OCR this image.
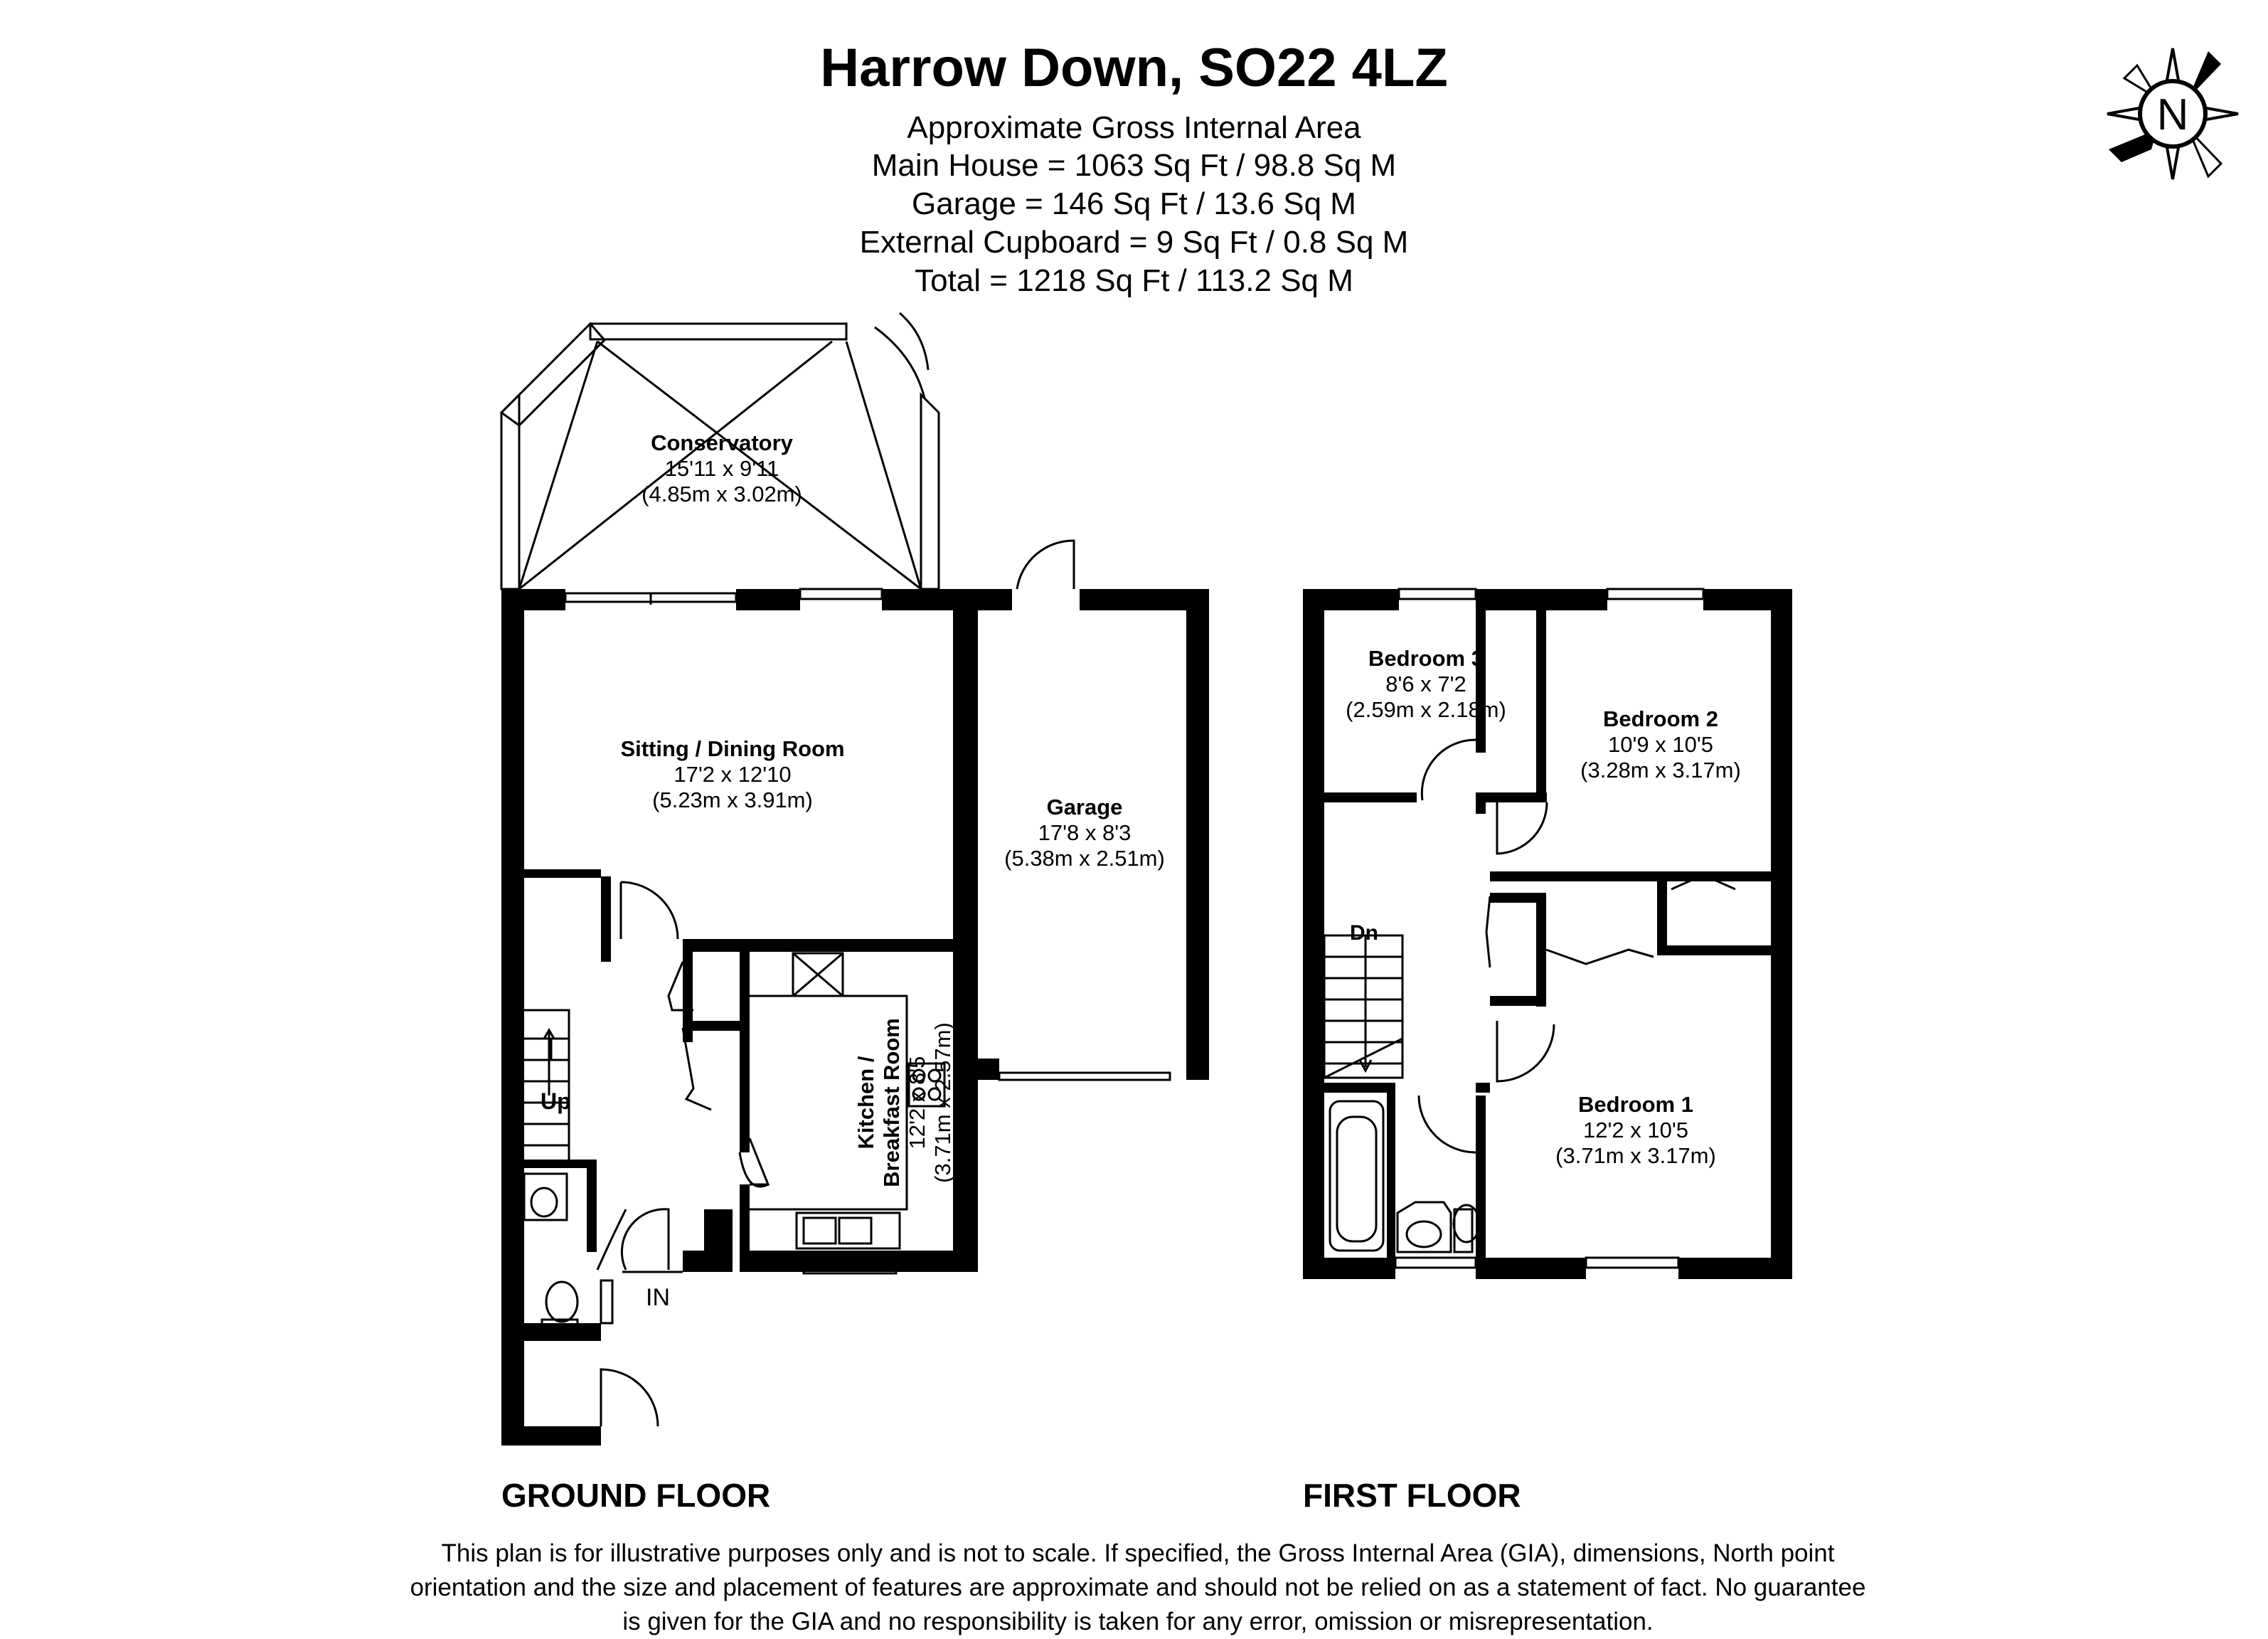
Harrow Down, SO22 4LZ
Approximate Gross Internal Area
Main House = 1063 Sq Ft / 98.8 Sq M
Garage = 146 Sq Ft / 13.6 Sq M
External Cupboard = 9 Sq Ft / 0.8 Sq M
Total = 1218 Sq Ft / 113.2 Sq M
N
Conservatory
15'11 x 9'11
(4.85m x 3.02m)
Sitting / Dining Room
17'2 x 12'10
(5.23m x 3.91m)	Garage
17'8 x 8'3
(5.38m x 2.51m)
Kitchen / Breakfast Room 12'2 x 8'5 (3.71m x 2.57m)
Up
IN
Bedroom 3
8'6 x 7'2
(2.59m x 2.18m)	Bedroom 2
10'9 x 10'5
(3.28m x 3.17m)
Bedroom 1
12'2 x 10'5
(3.71m x 3.17m)
Dn
GROUND FLOOR	FIRST FLOOR
This plan is for illustrative purposes only and is not to scale. If specified, the Gross Internal Area (GIA), dimensions, North point orientation and the size and placement of features are approximate and should not be relied on as a statement of fact. No guarantee is given for the GIA and no responsibility is taken for any error, omission or misrepresentation.
